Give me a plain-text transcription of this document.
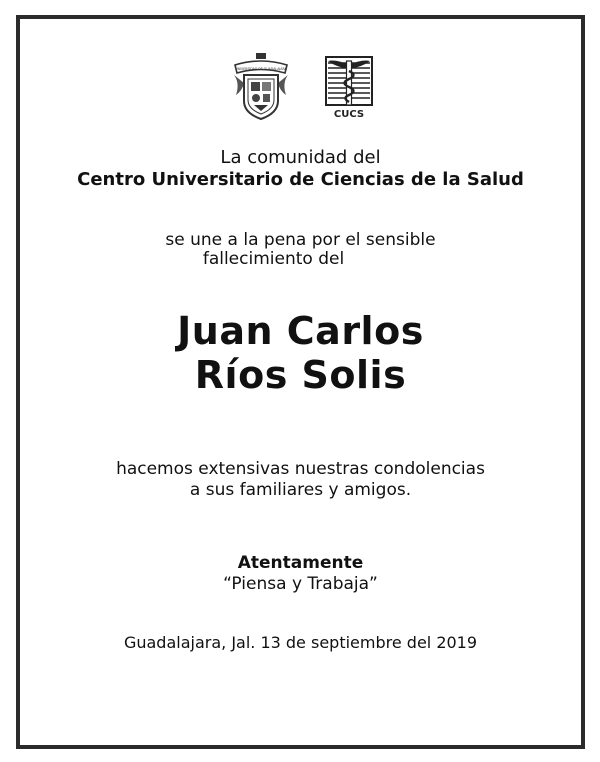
UNIVERSIDAD DE GUADALAJARA
CUCS
La comunidad del
Centro Universitario de Ciencias de la Salud
se une a la pena por el sensible
fallecimiento del
Juan Carlos
Ríos Solis
hacemos extensivas nuestras condolencias
a sus familiares y amigos.
Atentamente
“Piensa y Trabaja”
Guadalajara, Jal. 13 de septiembre del 2019
